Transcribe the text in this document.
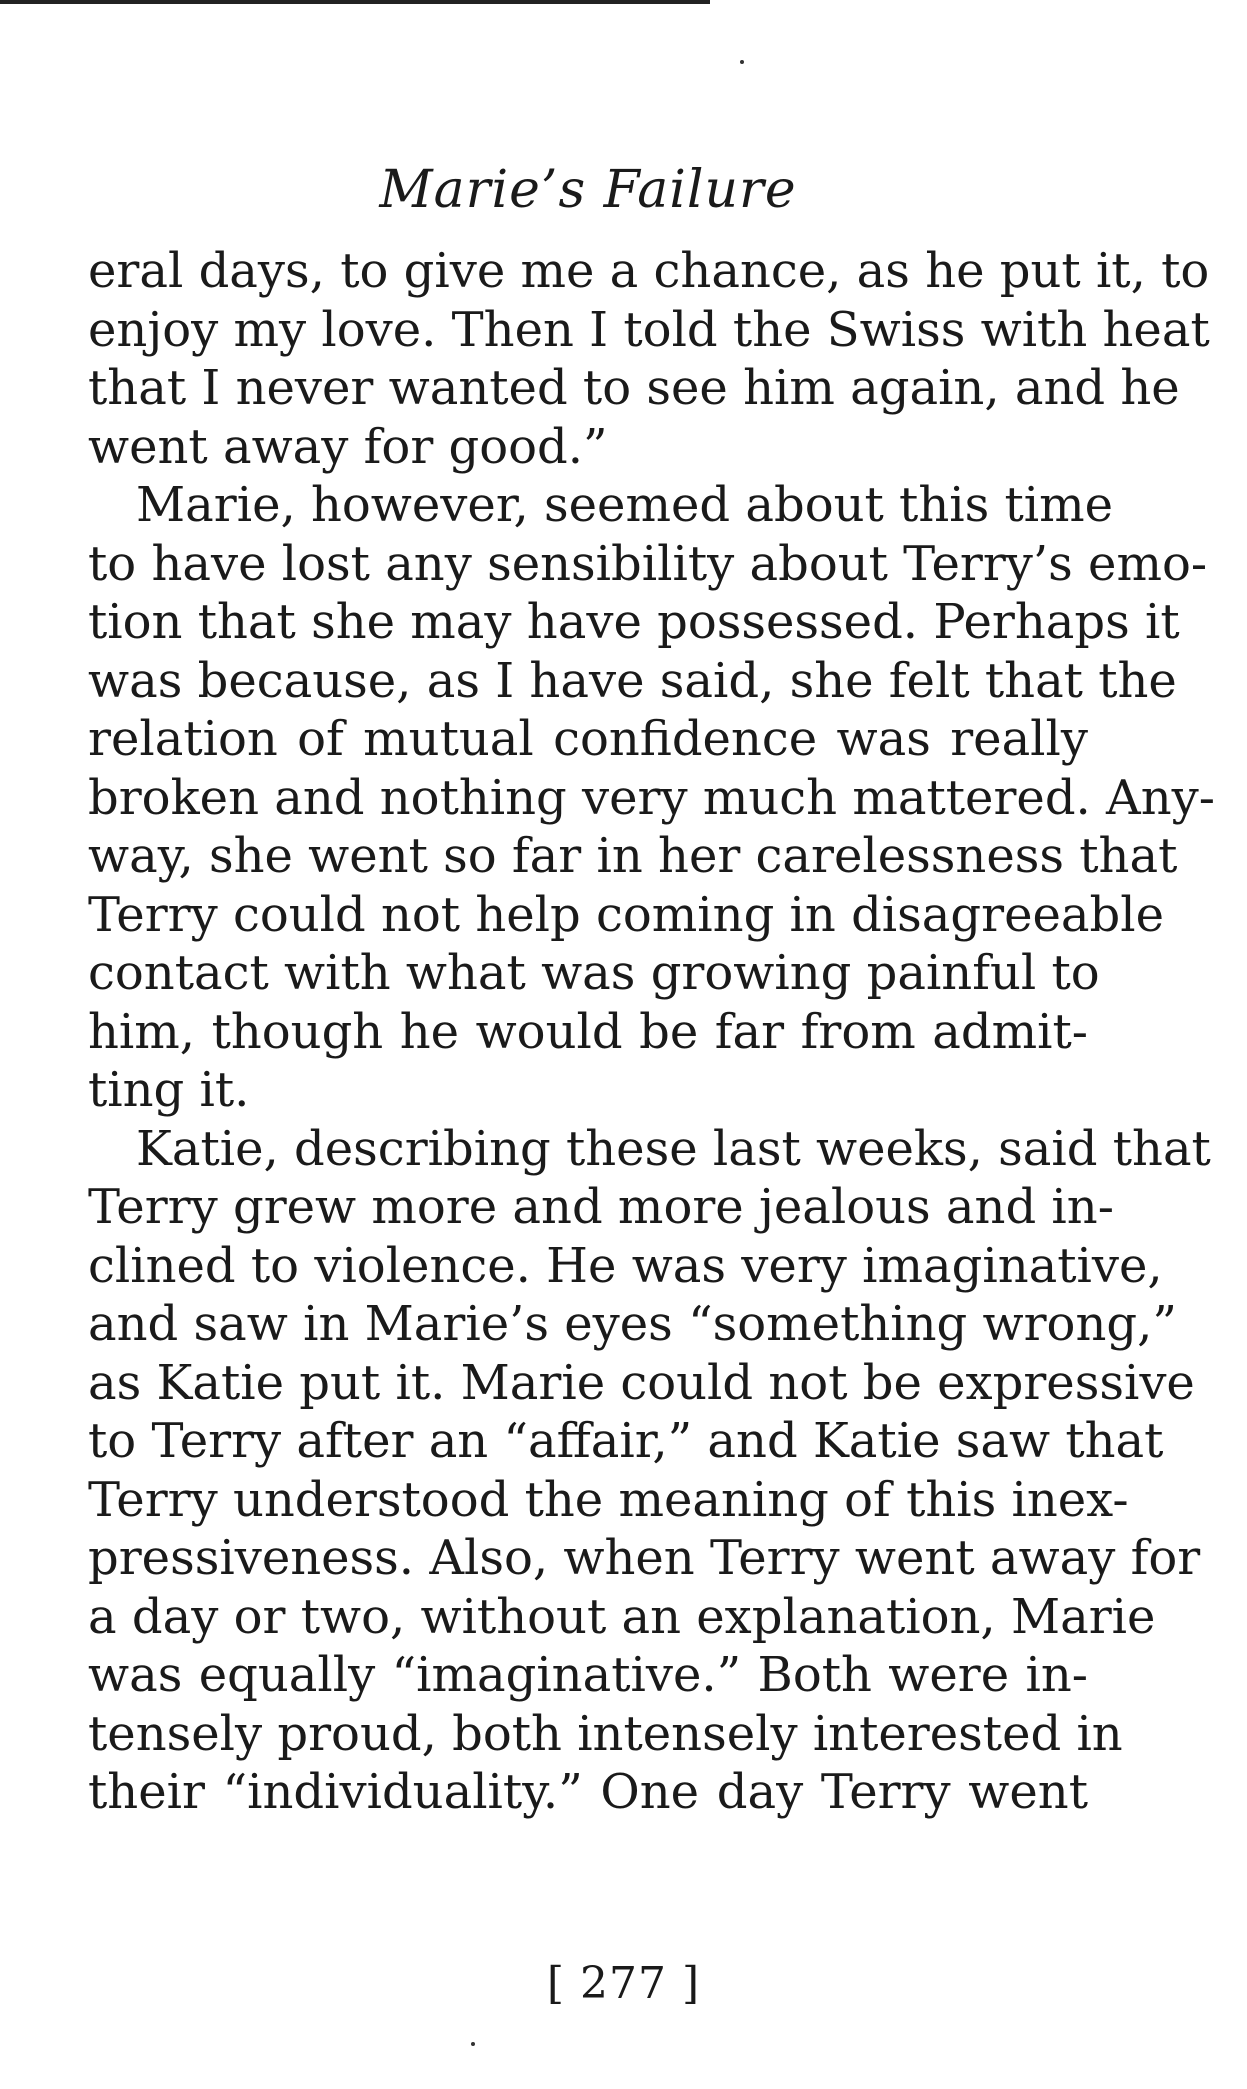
Marie’s Failure
eral days, to give me a chance, as he put it, to
enjoy my love. Then I told the Swiss with heat
that I never wanted to see him again, and he
went away for good.”
Marie, however, seemed about this time
to have lost any sensibility about Terry’s emo-
tion that she may have possessed. Perhaps it
was because, as I have said, she felt that the
relation of mutual confidence was really
broken and nothing very much mattered. Any-
way, she went so far in her carelessness that
Terry could not help coming in disagreeable
contact with what was growing painful to
him, though he would be far from admit-
ting it.
Katie, describing these last weeks, said that
Terry grew more and more jealous and in-
clined to violence. He was very imaginative,
and saw in Marie’s eyes “something wrong,”
as Katie put it. Marie could not be expressive
to Terry after an “affair,” and Katie saw that
Terry understood the meaning of this inex-
pressiveness. Also, when Terry went away for
a day or two, without an explanation, Marie
was equally “imaginative.” Both were in-
tensely proud, both intensely interested in
their “individuality.” One day Terry went
[ 277 ]
